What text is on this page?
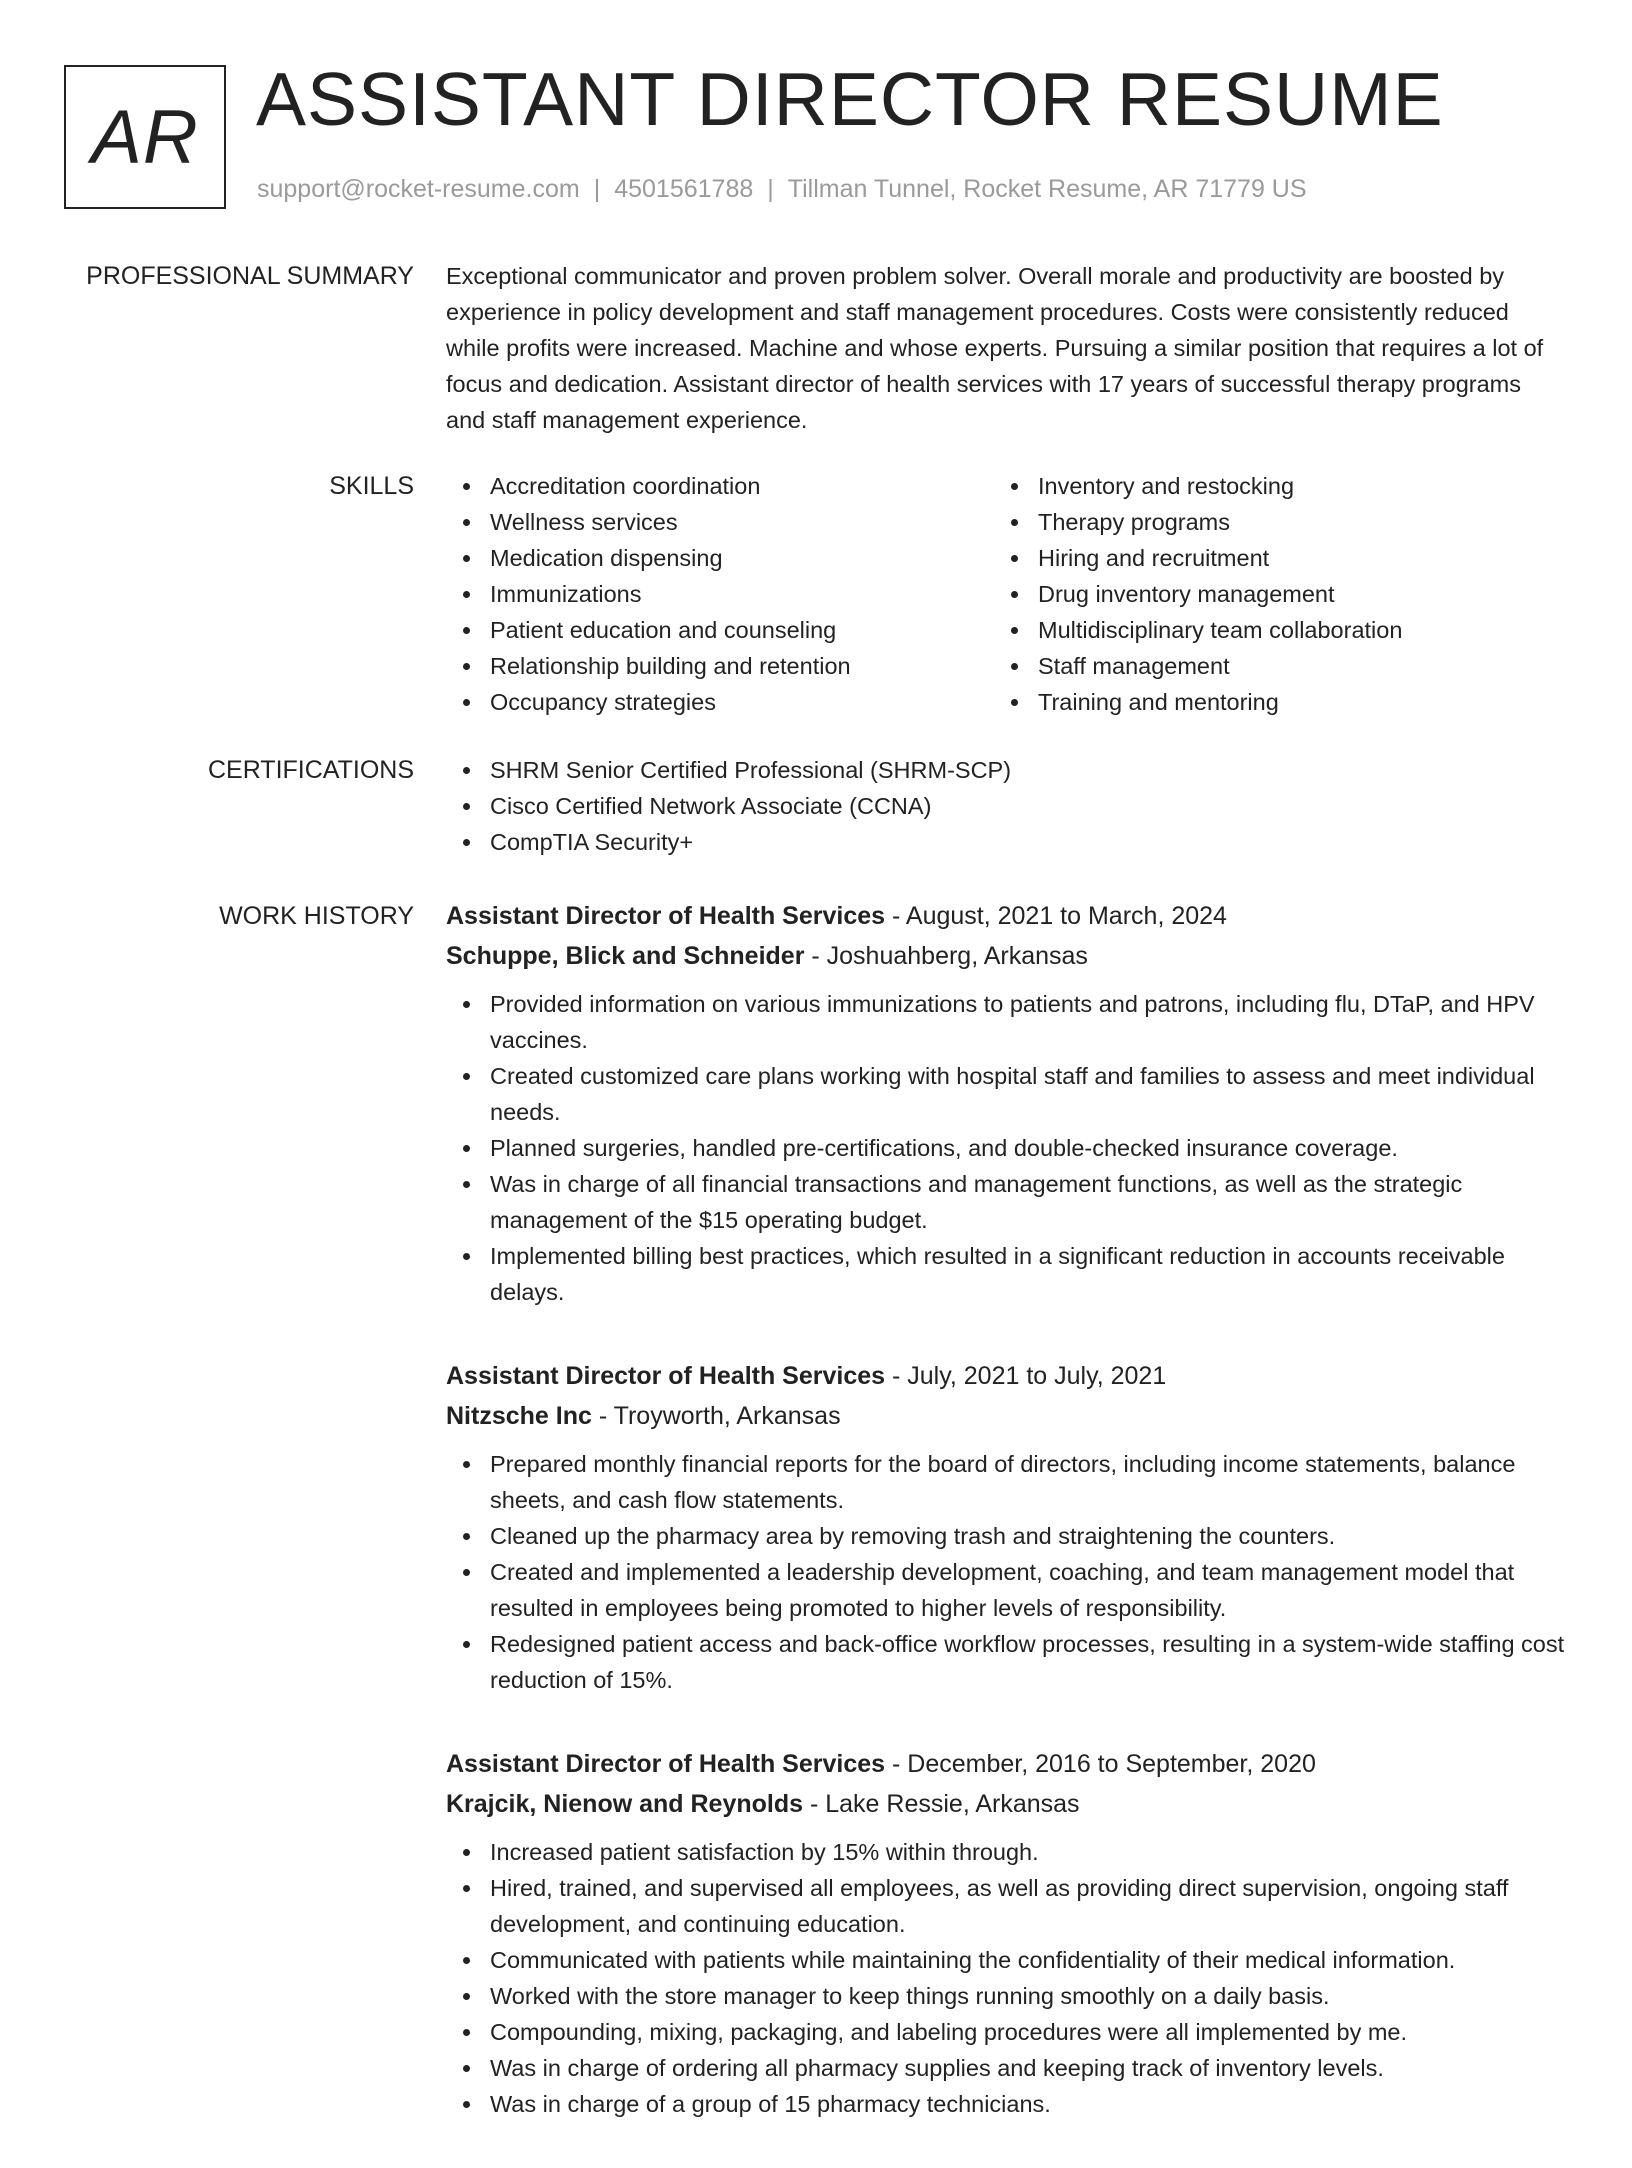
AR ASSISTANT DIRECTOR RESUME
support@rocket-resume.com | 4501561788 | Tillman Tunnel, Rocket Resume, AR 71779 US
PROFESSIONAL SUMMARY Exceptional communicator and proven problem solver. Overall morale and productivity are boosted by experience in policy development and staff management procedures. Costs were consistently reduced while profits were increased. Machine and whose experts. Pursuing a similar position that requires a lot of focus and dedication. Assistant director of health services with 17 years of successful therapy programs and staff management experience.
SKILLS	Accreditation coordination
Wellness services
Medication dispensing
Immunizations
Patient education and counseling
Relationship building and retention
Occupancy strategies
Inventory and restocking
Therapy programs
Hiring and recruitment
Drug inventory management
Multidisciplinary team collaboration
Staff management
Training and mentoring
CERTIFICATIONS	SHRM Senior Certified Professional (SHRM-SCP)
Cisco Certified Network Associate (CCNA)
CompTIA Security+
WORK HISTORY Assistant Director of Health Services - August, 2021 to March, 2024
Schuppe, Blick and Schneider - Joshuahberg, Arkansas
Provided information on various immunizations to patients and patrons, including flu, DTaP, and HPV vaccines.
Created customized care plans working with hospital staff and families to assess and meet individual needs.
Planned surgeries, handled pre-certifications, and double-checked insurance coverage.
Was in charge of all financial transactions and management functions, as well as the strategic management of the $15 operating budget.
Implemented billing best practices, which resulted in a significant reduction in accounts receivable delays.
Assistant Director of Health Services - July, 2021 to July, 2021
Nitzsche Inc - Troyworth, Arkansas
Prepared monthly financial reports for the board of directors, including income statements, balance sheets, and cash flow statements.
Cleaned up the pharmacy area by removing trash and straightening the counters.
Created and implemented a leadership development, coaching, and team management model that resulted in employees being promoted to higher levels of responsibility.
Redesigned patient access and back-office workflow processes, resulting in a system-wide staffing cost reduction of 15%.
Assistant Director of Health Services - December, 2016 to September, 2020
Krajcik, Nienow and Reynolds - Lake Ressie, Arkansas
Increased patient satisfaction by 15% within through.
Hired, trained, and supervised all employees, as well as providing direct supervision, ongoing staff development, and continuing education.
Communicated with patients while maintaining the confidentiality of their medical information.
Worked with the store manager to keep things running smoothly on a daily basis.
Compounding, mixing, packaging, and labeling procedures were all implemented by me.
Was in charge of ordering all pharmacy supplies and keeping track of inventory levels.
Was in charge of a group of 15 pharmacy technicians.
